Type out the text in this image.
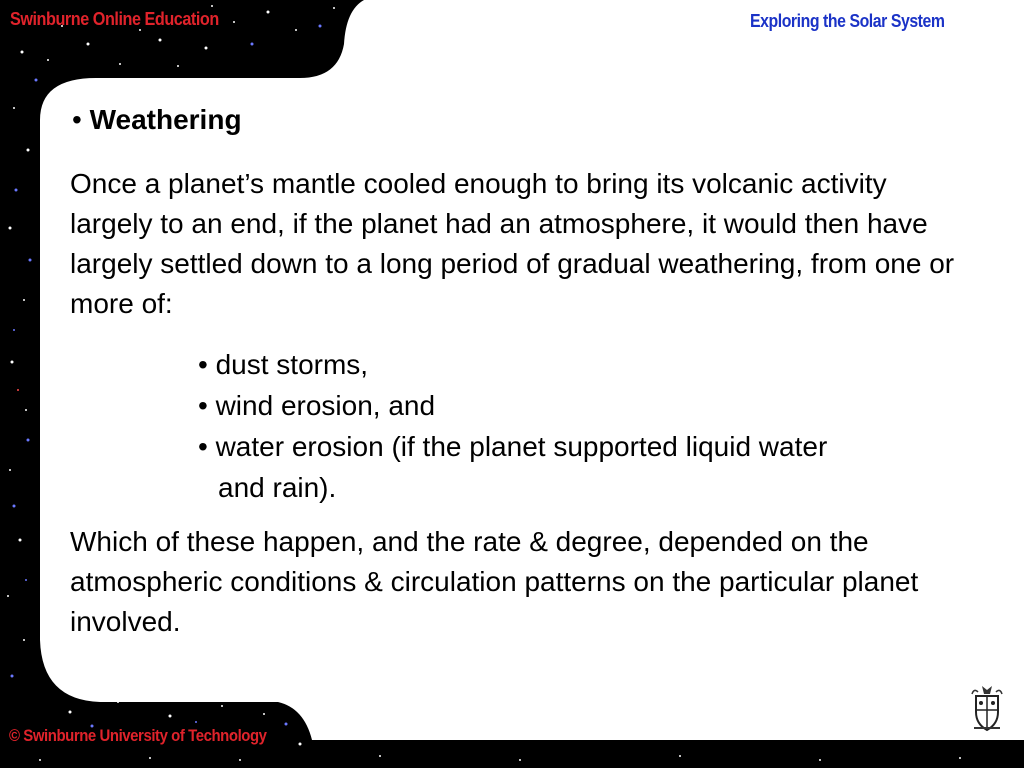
Swinburne Online Education	Exploring the Solar System
• Weathering
Once a planet’s mantle cooled enough to bring its volcanic activity largely to an end, if the planet had an atmosphere, it would then have largely settled down to a long period of gradual weathering, from one or more of:
• dust storms,
• wind erosion, and
• water erosion (if the planet supported liquid water
and rain).
Which of these happen, and the rate & degree, depended on the atmospheric conditions & circulation patterns on the particular planet involved.
© Swinburne University of Technology
